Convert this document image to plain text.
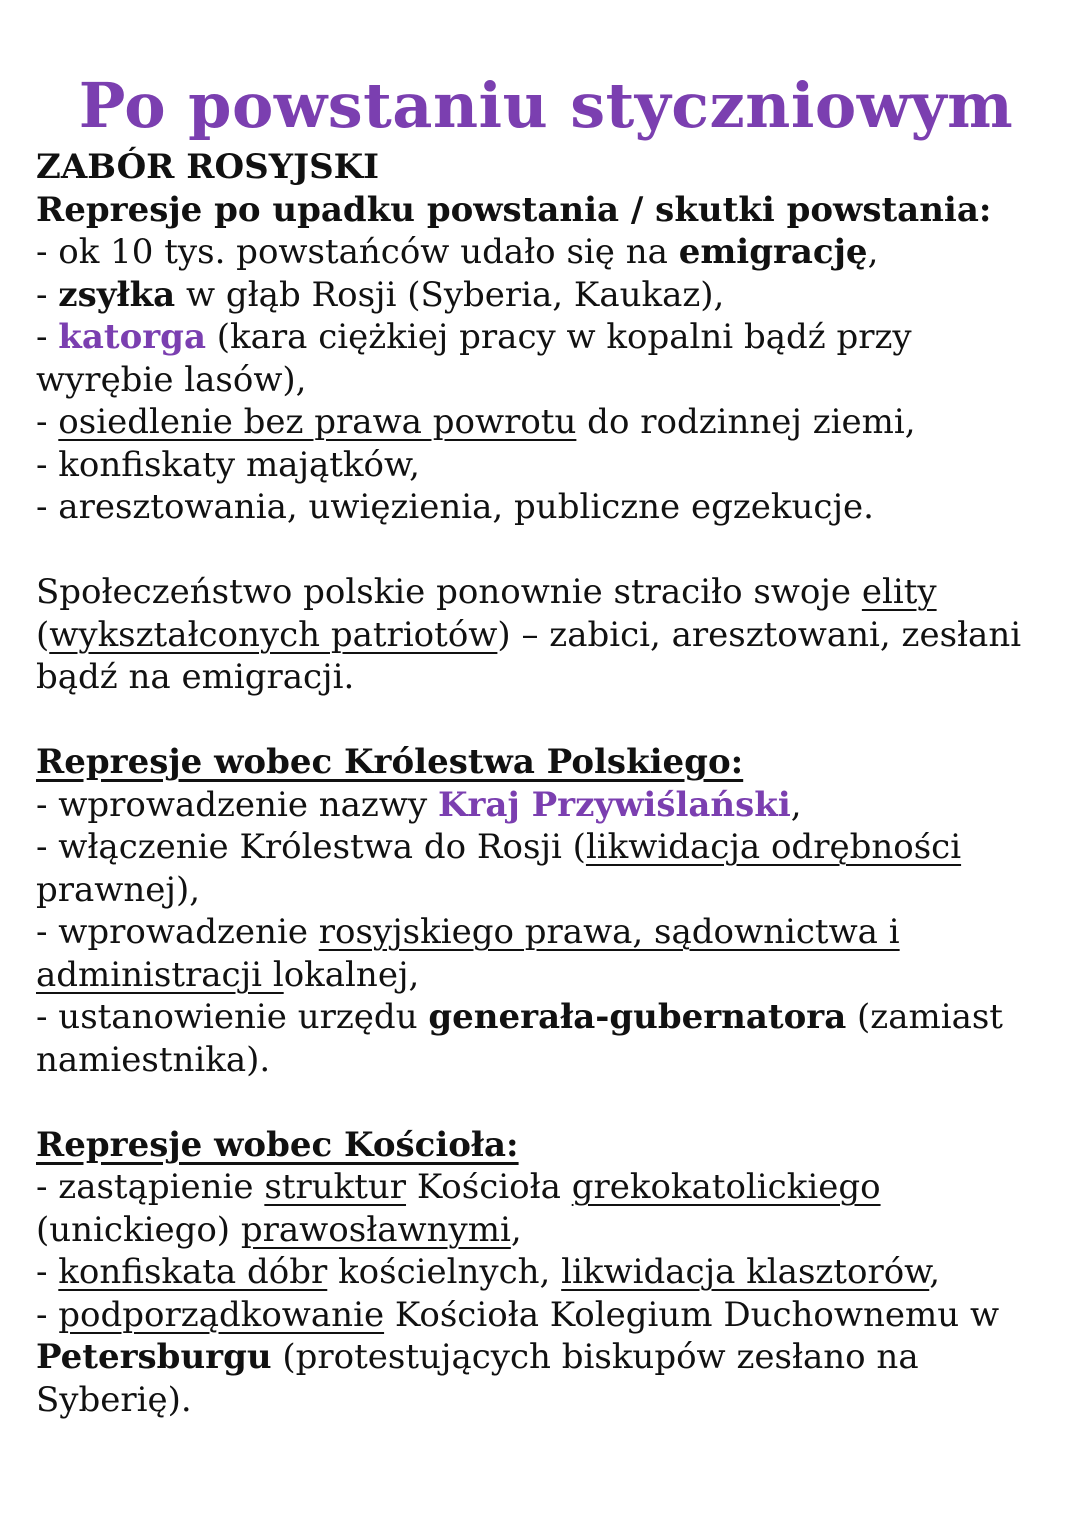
Po powstaniu styczniowym

ZABÓR ROSYJSKI

Represje po upadku powstania / skutki powstania:

- ok 10 tys. powstańców udało się na emigrację,

- zsyłka w głąb Rosji (Syberia, Kaukaz),

- katorga (kara ciężkiej pracy w kopalni bądź przy

wyrębie lasów),

- osiedlenie bez prawa powrotu do rodzinnej ziemi,

- konfiskaty majątków,

- aresztowania, uwięzienia, publiczne egzekucje.

Społeczeństwo polskie ponownie straciło swoje elity

(wykształconych patriotów) – zabici, aresztowani, zesłani

bądź na emigracji.

Represje wobec Królestwa Polskiego:

- wprowadzenie nazwy Kraj Przywiślański,

- włączenie Królestwa do Rosji (likwidacja odrębności

prawnej),

- wprowadzenie rosyjskiego prawa, sądownictwa i

administracji lokalnej,

- ustanowienie urzędu generała-gubernatora (zamiast

namiestnika).

Represje wobec Kościoła:

- zastąpienie struktur Kościoła grekokatolickiego

(unickiego) prawosławnymi,

- konfiskata dóbr kościelnych, likwidacja klasztorów,

- podporządkowanie Kościoła Kolegium Duchownemu w

Petersburgu (protestujących biskupów zesłano na

Syberię).
